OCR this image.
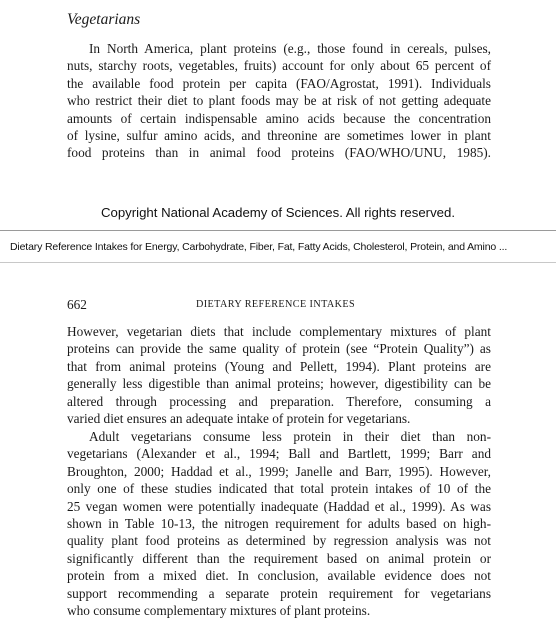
Vegetarians
In North America, plant proteins (e.g., those found in cereals, pulses,
nuts, starchy roots, vegetables, fruits) account for only about 65 percent of
the available food protein per capita (FAO/Agrostat, 1991). Individuals
who restrict their diet to plant foods may be at risk of not getting adequate
amounts of certain indispensable amino acids because the concentration
of lysine, sulfur amino acids, and threonine are sometimes lower in plant
food proteins than in animal food proteins (FAO/WHO/UNU, 1985).
Copyright National Academy of Sciences. All rights reserved.
Dietary Reference Intakes for Energy, Carbohydrate, Fiber, Fat, Fatty Acids, Cholesterol, Protein, and Amino ...
662	DIETARY REFERENCE INTAKES
However, vegetarian diets that include complementary mixtures of plant
proteins can provide the same quality of protein (see “Protein Quality”) as
that from animal proteins (Young and Pellett, 1994). Plant proteins are
generally less digestible than animal proteins; however, digestibility can be
altered through processing and preparation. Therefore, consuming a
varied diet ensures an adequate intake of protein for vegetarians.
Adult vegetarians consume less protein in their diet than non-
vegetarians (Alexander et al., 1994; Ball and Bartlett, 1999; Barr and
Broughton, 2000; Haddad et al., 1999; Janelle and Barr, 1995). However,
only one of these studies indicated that total protein intakes of 10 of the
25 vegan women were potentially inadequate (Haddad et al., 1999). As was
shown in Table 10-13, the nitrogen requirement for adults based on high-
quality plant food proteins as determined by regression analysis was not
significantly different than the requirement based on animal protein or
protein from a mixed diet. In conclusion, available evidence does not
support recommending a separate protein requirement for vegetarians
who consume complementary mixtures of plant proteins.
